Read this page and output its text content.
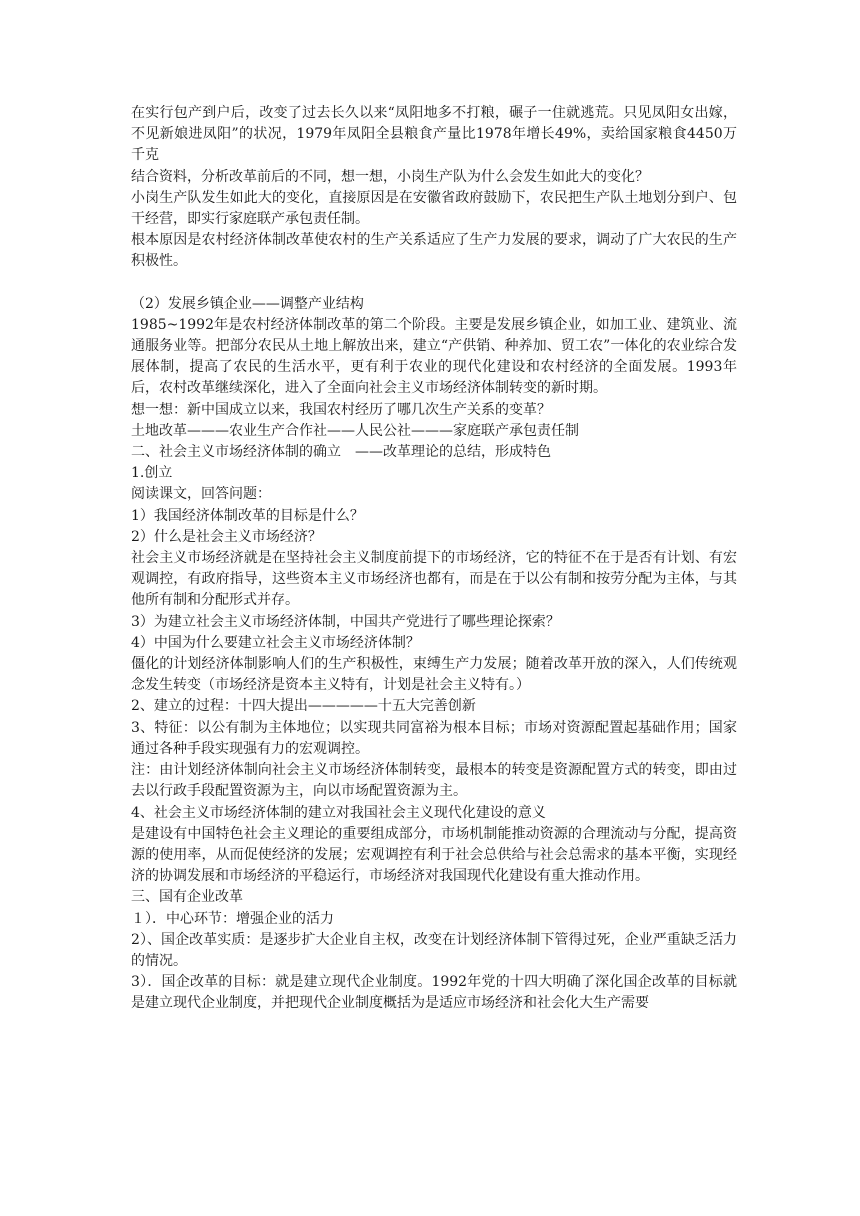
在实行包产到户后，改变了过去长久以来“凤阳地多不打粮，碾子一住就逃荒。只见凤阳女出嫁，不见新娘进凤阳”的状况，1979年凤阳全县粮食产量比1978年增长49%，卖给国家粮食4450万千克

结合资料，分析改革前后的不同，想一想，小岗生产队为什么会发生如此大的变化？

小岗生产队发生如此大的变化，直接原因是在安徽省政府鼓励下，农民把生产队土地划分到户、包干经营，即实行家庭联产承包责任制。

根本原因是农村经济体制改革使农村的生产关系适应了生产力发展的要求，调动了广大农民的生产积极性。

（2）发展乡镇企业——调整产业结构

1985~1992年是农村经济体制改革的第二个阶段。主要是发展乡镇企业，如加工业、建筑业、流通服务业等。把部分农民从土地上解放出来，建立“产供销、种养加、贸工农”一体化的农业综合发展体制，提高了农民的生活水平，更有利于农业的现代化建设和农村经济的全面发展。1993年后，农村改革继续深化，进入了全面向社会主义市场经济体制转变的新时期。

想一想：新中国成立以来，我国农村经历了哪几次生产关系的变革？

土地改革———农业生产合作社——人民公社———家庭联产承包责任制

二、社会主义市场经济体制的确立　——改革理论的总结，形成特色

1.创立

阅读课文，回答问题：

1）我国经济体制改革的目标是什么？

2）什么是社会主义市场经济？

社会主义市场经济就是在坚持社会主义制度前提下的市场经济，它的特征不在于是否有计划、有宏观调控，有政府指导，这些资本主义市场经济也都有，而是在于以公有制和按劳分配为主体，与其他所有制和分配形式并存。

3）为建立社会主义市场经济体制，中国共产党进行了哪些理论探索？

4）中国为什么要建立社会主义市场经济体制？

僵化的计划经济体制影响人们的生产积极性，束缚生产力发展；随着改革开放的深入，人们传统观念发生转变（市场经济是资本主义特有，计划是社会主义特有。）

2、建立的过程：十四大提出—————十五大完善创新

3、特征：以公有制为主体地位；以实现共同富裕为根本目标；市场对资源配置起基础作用；国家通过各种手段实现强有力的宏观调控。

注：由计划经济体制向社会主义市场经济体制转变，最根本的转变是资源配置方式的转变，即由过去以行政手段配置资源为主，向以市场配置资源为主。

4、社会主义市场经济体制的建立对我国社会主义现代化建设的意义

是建设有中国特色社会主义理论的重要组成部分，市场机制能推动资源的合理流动与分配，提高资源的使用率，从而促使经济的发展；宏观调控有利于社会总供给与社会总需求的基本平衡，实现经济的协调发展和市场经济的平稳运行，市场经济对我国现代化建设有重大推动作用。

三、国有企业改革

１）．中心环节：增强企业的活力

2）、国企改革实质：是逐步扩大企业自主权，改变在计划经济体制下管得过死，企业严重缺乏活力的情况。

3）．国企改革的目标：就是建立现代企业制度。1992年党的十四大明确了深化国企改革的目标就是建立现代企业制度，并把现代企业制度概括为是适应市场经济和社会化大生产需要
